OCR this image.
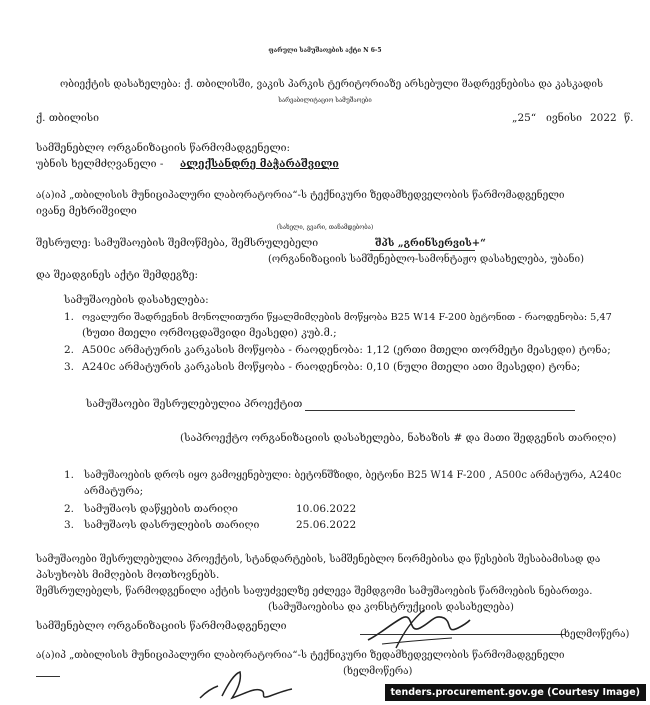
ფარული სამუშაოების აქტი N 6-5
ობიექტის დასახელება: ქ. თბილისში, ვაკის პარკის ტერიტორიაზე არსებული შადრევნებისა და კასკადის
სარეაბილიტაციო სამუშაოები
ქ. თბილისი	„25“ ივნისი 2022 წ.
სამშენებლო ორგანიზაციის წარმომადგენელი:
უბნის ხელმძღვანელი - ალექსანდრე მაჭარაშვილი
ა(ა)იპ „თბილისის მუნიციპალური ლაბორატორია“-ს ტექნიკური ზედამხედველობის წარმომადგენელი
ივანე მეხრიშვილი
(სახელი, გვარი, თანამდებობა)
შესრულე: სამუშაოების შემოწმება, შემსრულებელი	შპს „გრინსერვის+“
(ორგანიზაციის სამშენებლო-სამონტაჟო დასახელება, უბანი)
და შეადგინეს აქტი შემდეგზე:
სამუშაოების დასახელება:
1. ოვალური შადრევნის მონოლითური წყალმიმღების მოწყობა B25 W14 F-200 ბეტონით - რაოდენობა: 5,47
(ხუთი მთელი ორმოცდაშვიდი მეასედი) კუბ.მ.;
2. A500c არმატურის კარკასის მოწყობა - რაოდენობა: 1,12 (ერთი მთელი თორმეტი მეასედი) ტონა;
3. A240c არმატურის კარკასის მოწყობა - რაოდენობა: 0,10 (ნული მთელი ათი მეასედი) ტონა;
სამუშაოები შესრულებულია პროექტით
(საპროექტო ორგანიზაციის დასახელება, ნახაზის # და მათი შედგენის თარიღი)
1. სამუშაოების დროს იყო გამოყენებული: ბეტონშზიდი, ბეტონი B25 W14 F-200 , A500c არმატურა, A240c
არმატურა;
2. სამუშაოს დაწყების თარიღი	10.06.2022
3. სამუშაოს დასრულების თარიღი	25.06.2022
სამუშაოები შესრულებულია პროექტის, სტანდარტების, სამშენებლო ნორმებისა და წესების შესაბამისად და
პასუხობს მიმღების მოთხოვნებს.
შემსრულებელს, წარმოდგენილი აქტის საფუძველზე ეძლევა შემდგომი სამუშაოების წარმოების ნებართვა.
(სამუშაოებისა და კონსტრუქციის დასახელება)
სამშენებლო ორგანიზაციის წარმომადგენელი
(ხელმოწერა)
ა(ა)იპ „თბილისის მუნიციპალური ლაბორატორია“-ს ტექნიკური ზედამხედველობის წარმომადგენელი
(ხელმოწერა)
tenders.procurement.gov.ge (Courtesy Image)
